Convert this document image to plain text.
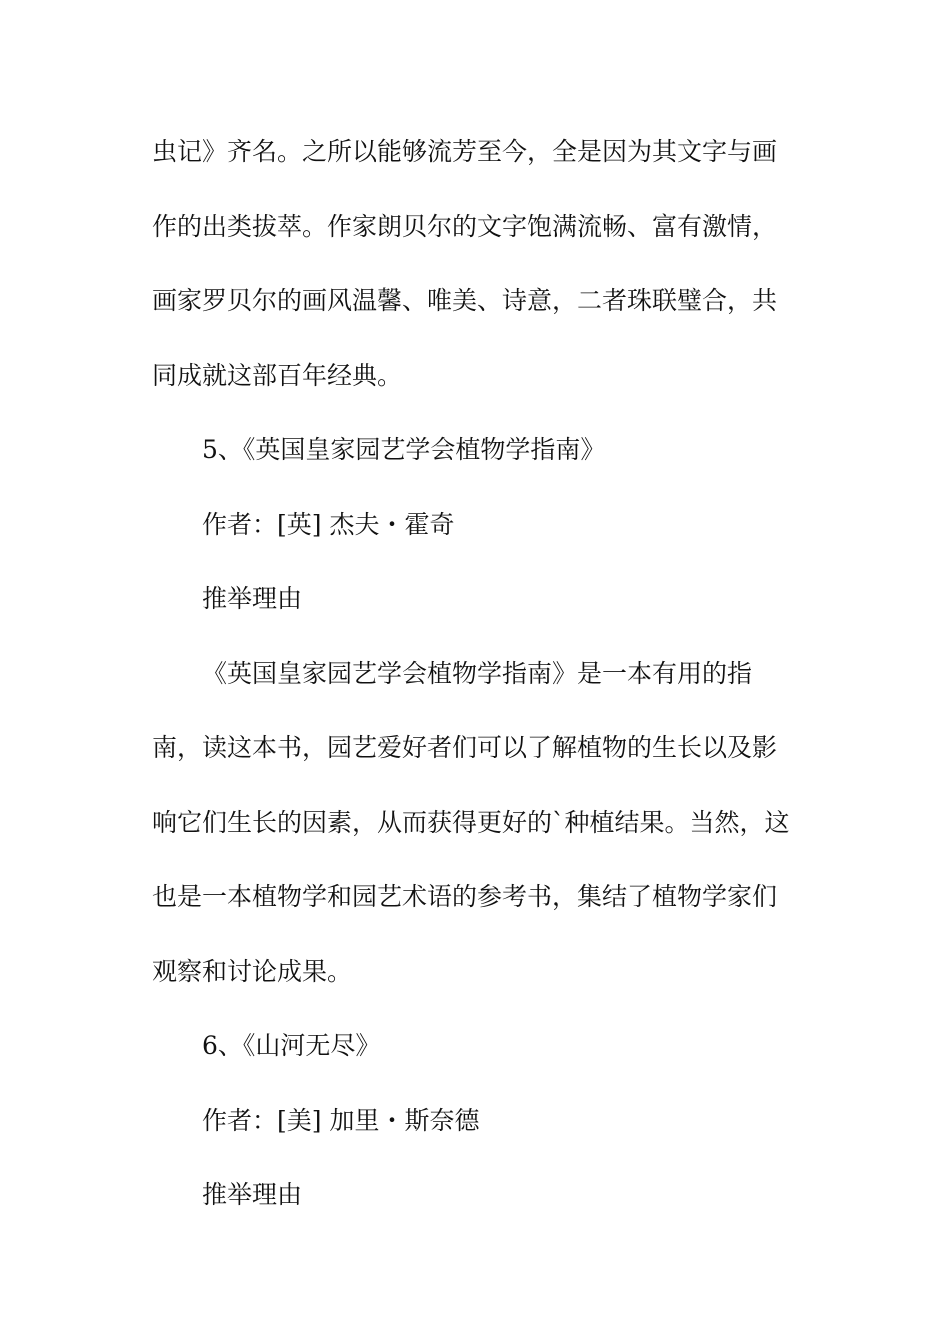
虫记》齐名。之所以能够流芳至今，全是因为其文字与画
作的出类拔萃。作家朗贝尔的文字饱满流畅、富有激情，
画家罗贝尔的画风温馨、唯美、诗意，二者珠联璧合，共
同成就这部百年经典。
5、《英国皇家园艺学会植物学指南》
作者：[英] 杰夫・霍奇
推举理由
《英国皇家园艺学会植物学指南》是一本有用的指
南，读这本书，园艺爱好者们可以了解植物的生长以及影
响它们生长的因素，从而获得更好的`种植结果。当然，这
也是一本植物学和园艺术语的参考书，集结了植物学家们
观察和讨论成果。
6、《山河无尽》
作者：[美] 加里・斯奈德
推举理由
